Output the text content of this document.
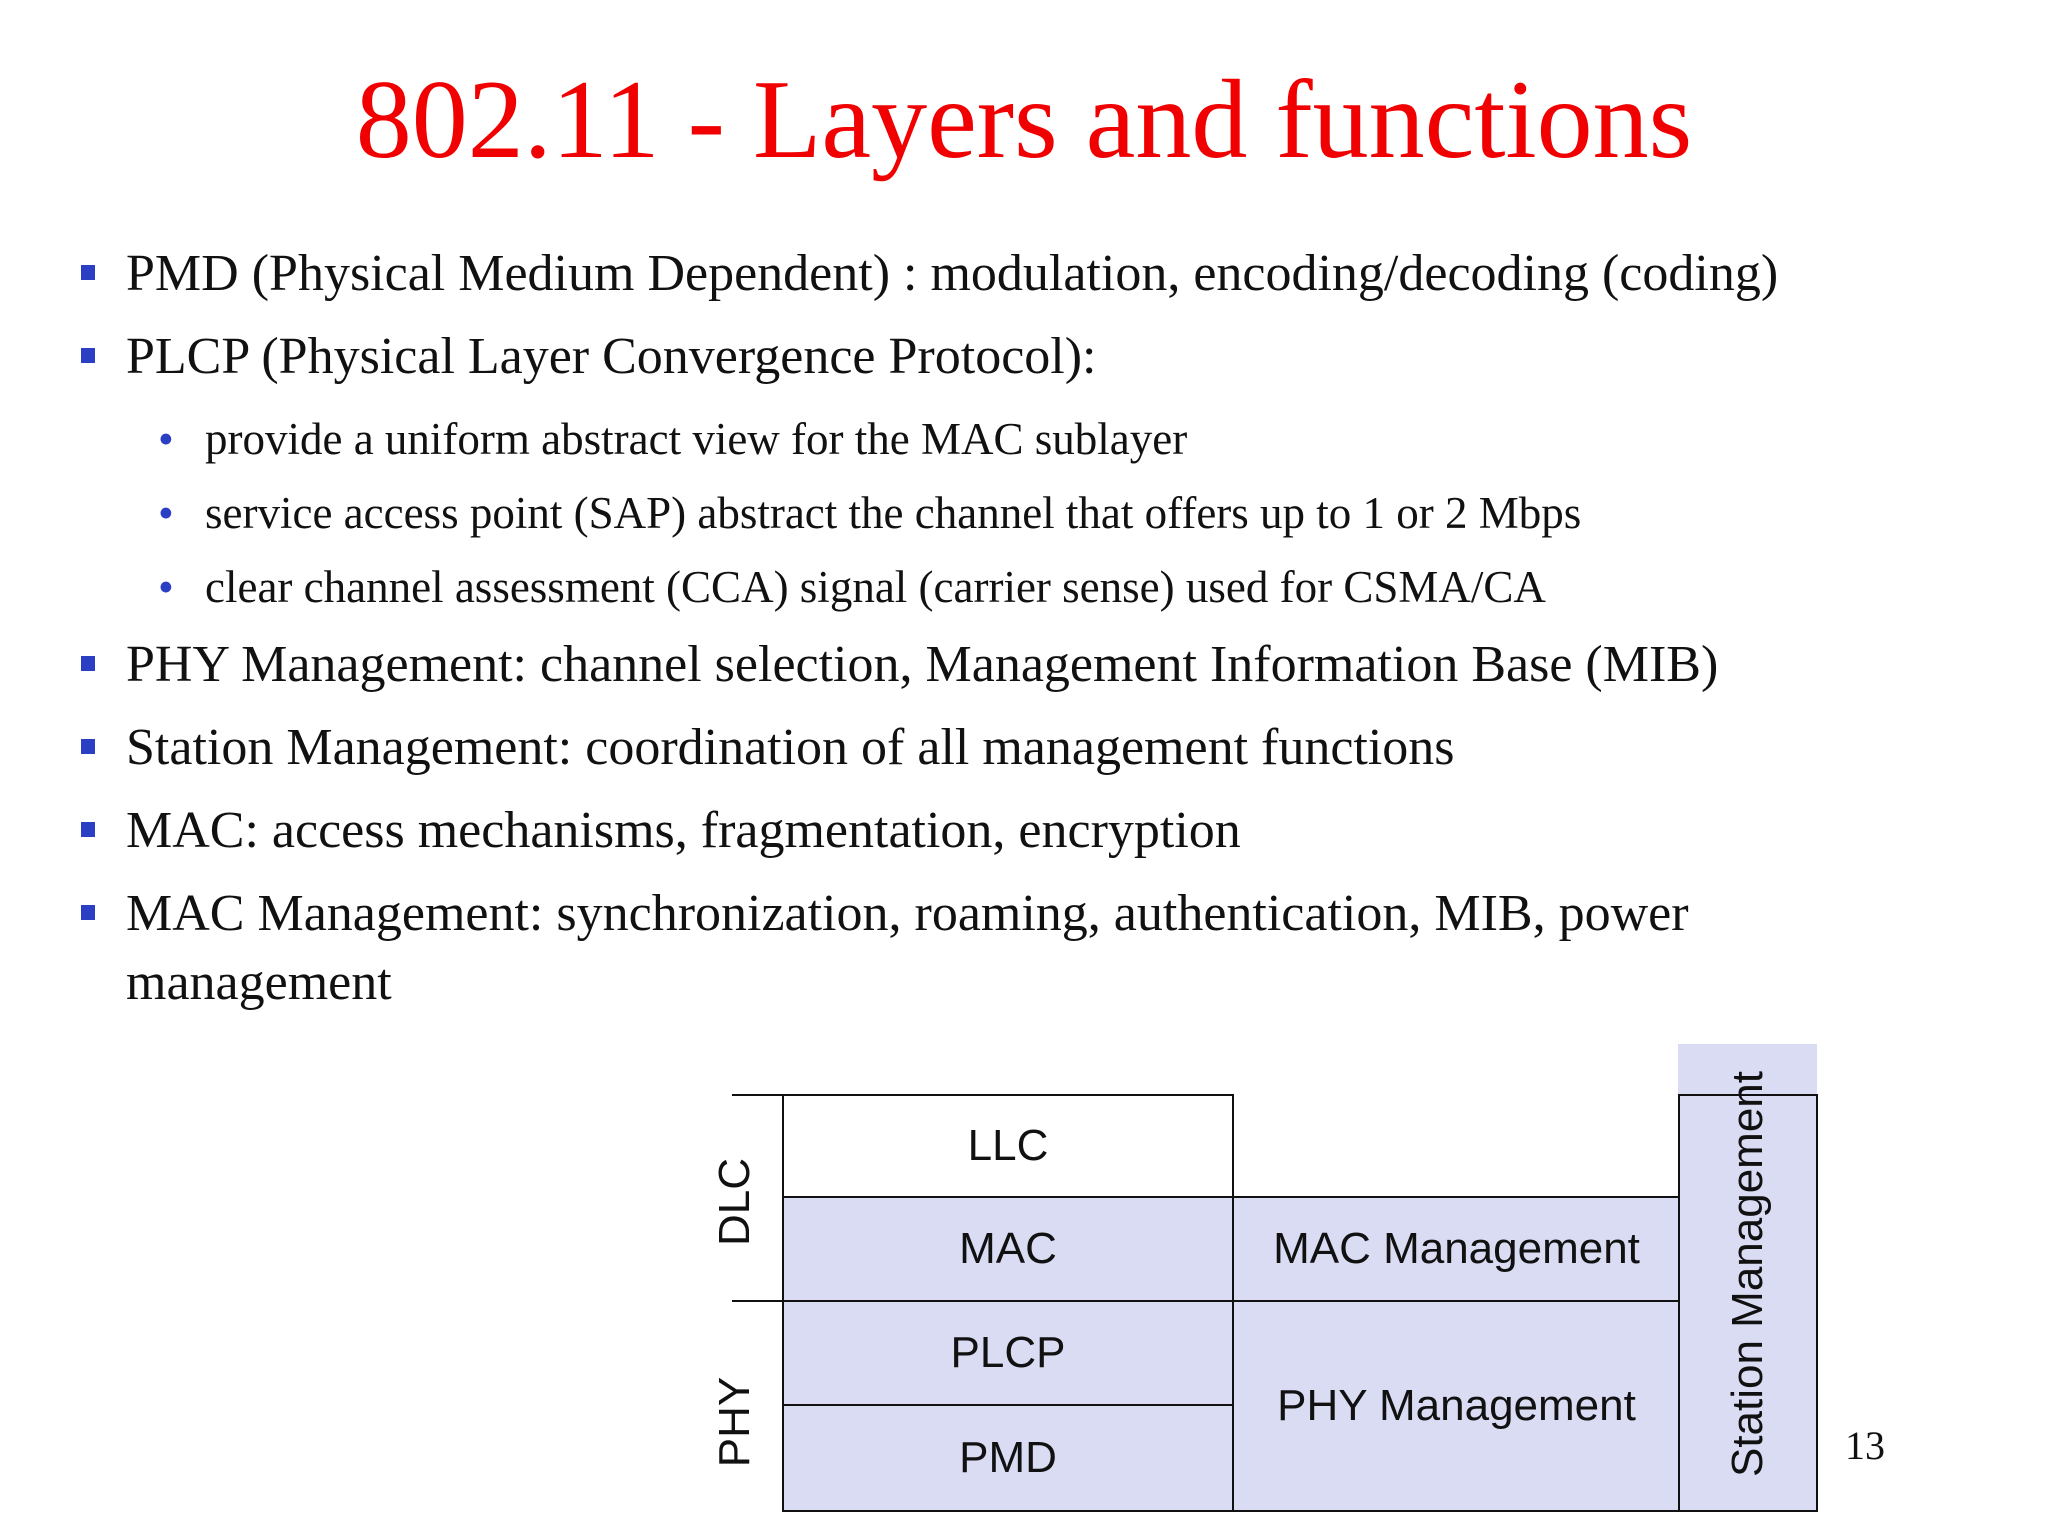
802.11 - Layers and functions
PMD (Physical Medium Dependent) : modulation, encoding/decoding (coding)
PLCP (Physical Layer Convergence Protocol):
• provide a uniform abstract view for the MAC sublayer
• service access point (SAP) abstract the channel that offers up to 1 or 2 Mbps
• clear channel assessment (CCA) signal (carrier sense) used for CSMA/CA
PHY Management: channel selection, Management Information Base (MIB)
Station Management: coordination of all management functions
MAC: access mechanisms, fragmentation, encryption
MAC Management: synchronization, roaming, authentication, MIB, power
management
MAC	MAC Management
PLCP
PMD
PHY Management
LLC
DLC
PHY	Station Management 13
